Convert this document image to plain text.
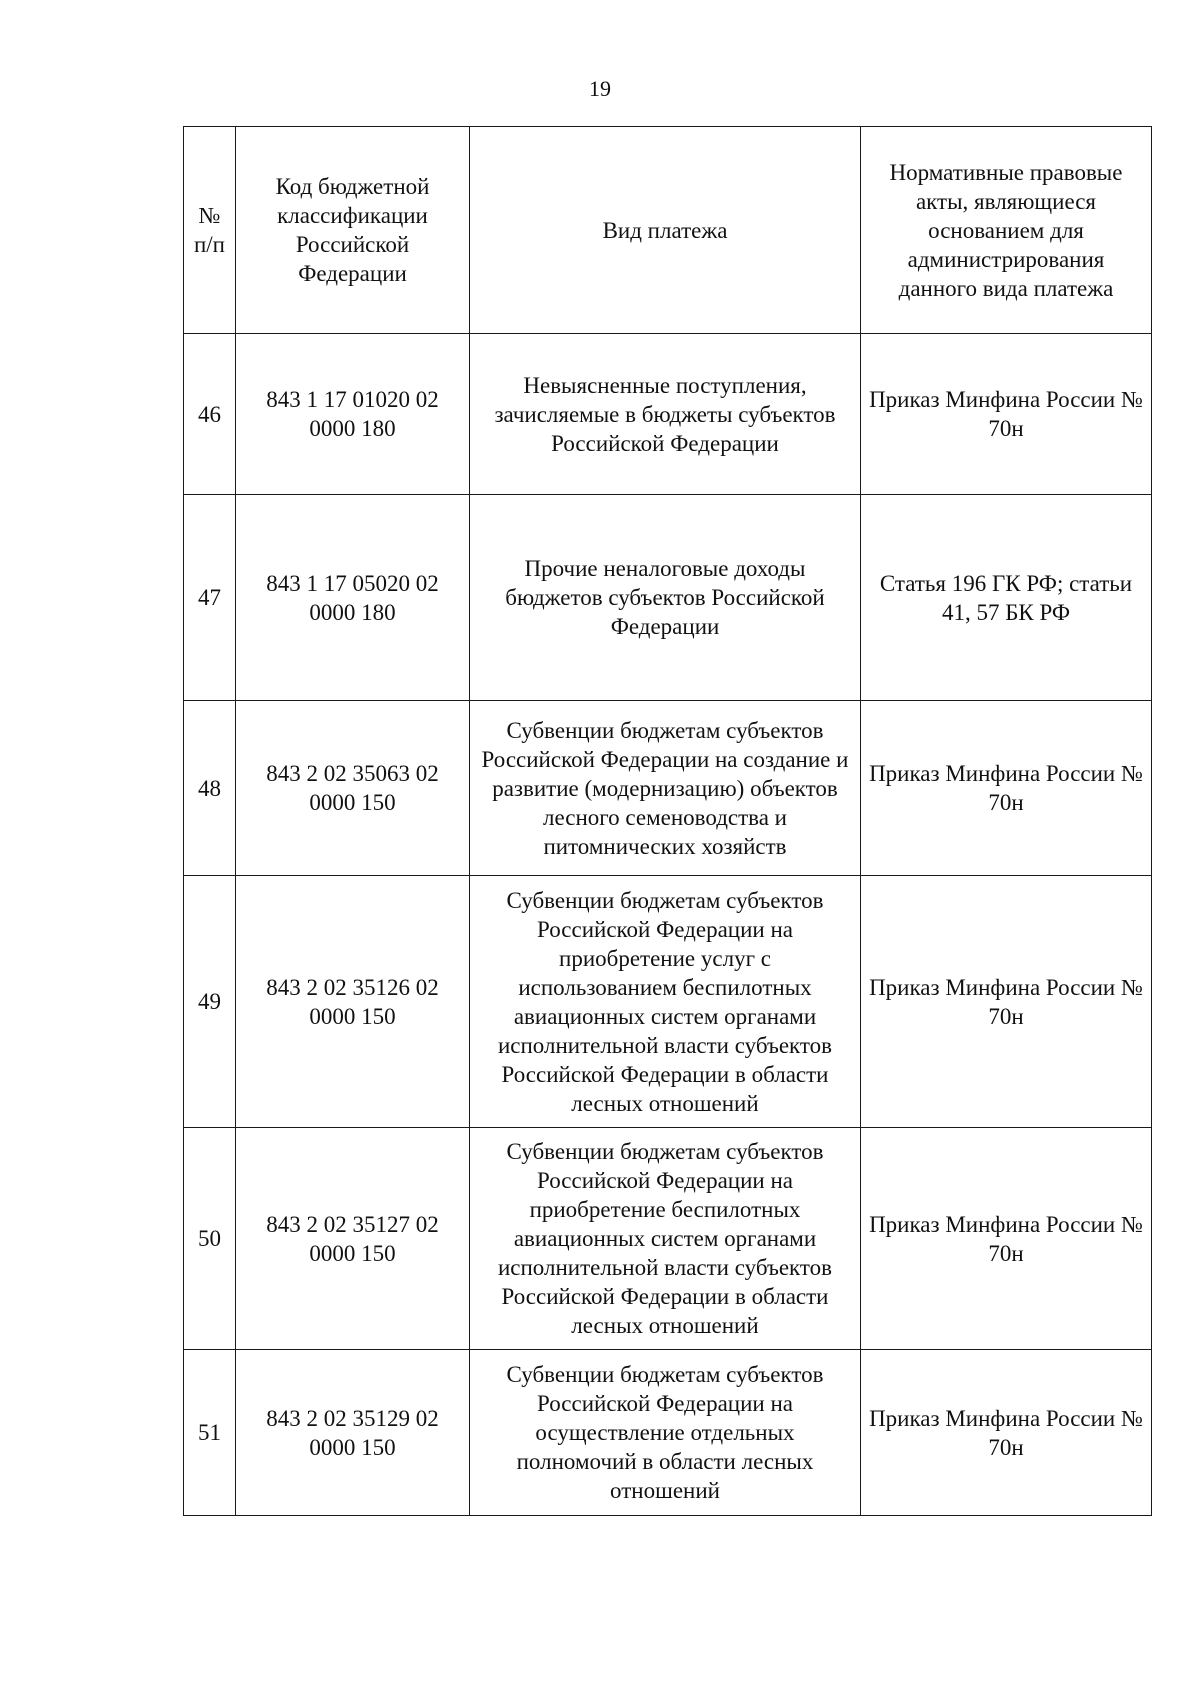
19
№ п/п	Код бюджетной классификации Российской Федерации	Вид платежа	Нормативные правовые акты, являющиеся основанием для администрирования данного вида платежа

46	843 1 17 01020 02 0000 180	Невыясненные поступления, зачисляемые в бюджеты субъектов Российской Федерации	Приказ Минфина России № 70н

47	843 1 17 05020 02 0000 180	Прочие неналоговые доходы бюджетов субъектов Российской Федерации	Статья 196 ГК РФ; статьи 41, 57 БК РФ

48	843 2 02 35063 02 0000 150	Субвенции бюджетам субъектов Российской Федерации на создание и развитие (модернизацию) объектов лесного семеноводства и питомнических хозяйств	Приказ Минфина России № 70н

49	843 2 02 35126 02 0000 150	Субвенции бюджетам субъектов Российской Федерации на приобретение услуг с использованием беспилотных авиационных систем органами исполнительной власти субъектов Российской Федерации в области лесных отношений	Приказ Минфина России № 70н

50	843 2 02 35127 02 0000 150	Субвенции бюджетам субъектов Российской Федерации на приобретение беспилотных авиационных систем органами исполнительной власти субъектов Российской Федерации в области лесных отношений	Приказ Минфина России № 70н

51	843 2 02 35129 02 0000 150	Субвенции бюджетам субъектов Российской Федерации на осуществление отдельных полномочий в области лесных отношений	Приказ Минфина России № 70н
